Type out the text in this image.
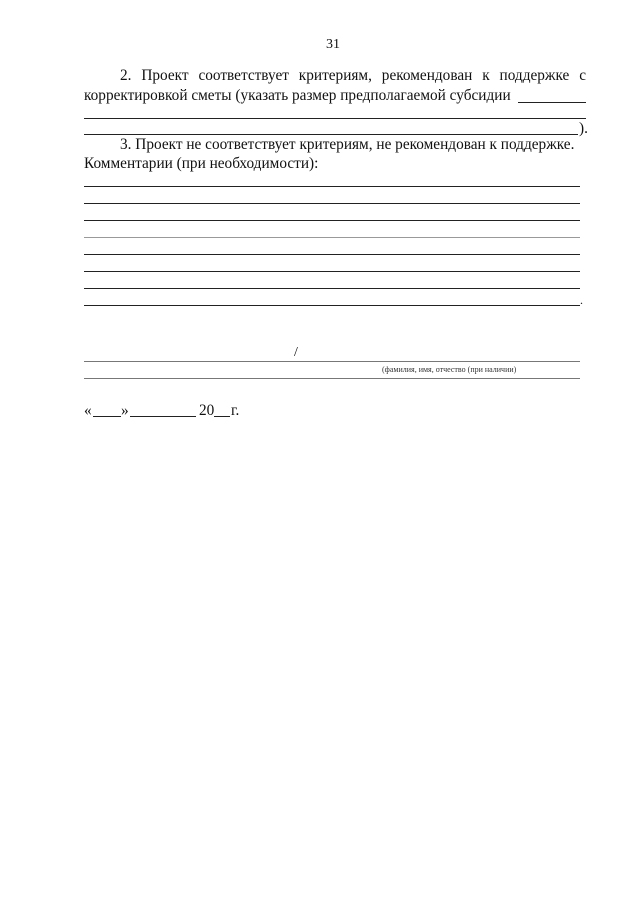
31
2. Проект соответствует критериям, рекомендован к поддержке с
корректировкой сметы (указать размер предполагаемой субсидии
).
3. Проект не соответствует критериям, не рекомендован к поддержке.
Комментарии (при необходимости):
.
/
(фамилия, имя, отчество (при наличии)
« »	20 г.
